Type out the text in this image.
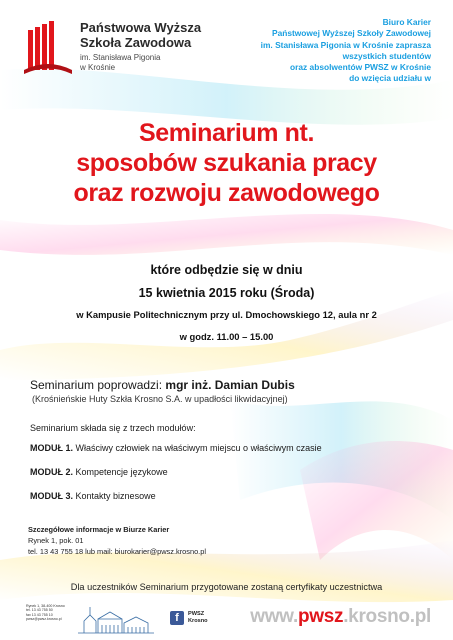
Państwowa Wyższa
Szkoła Zawodowa
im. Stanisława Pigonia
w Krośnie
Biuro Karier
Państwowej Wyższej Szkoły Zawodowej
im. Stanisława Pigonia w Krośnie zaprasza
wszystkich studentów
oraz absolwentów PWSZ w Krośnie
do wzięcia udziału w
Seminarium nt.
sposobów szukania pracy
oraz rozwoju zawodowego
które odbędzie się w dniu
15 kwietnia 2015 roku (Środa)
w Kampusie Politechnicznym przy ul. Dmochowskiego 12, aula nr 2
w godz. 11.00 – 15.00
Seminarium poprowadzi: mgr inż. Damian Dubis
(Krośnieńskie Huty Szkła Krosno S.A. w upadłości likwidacyjnej)
Seminarium składa się z trzech modułów:
MODUŁ 1. Właściwy człowiek na właściwym miejscu o właściwym czasie
MODUŁ 2. Kompetencje językowe
MODUŁ 3. Kontakty biznesowe
Szczegółowe informacje w Biurze Karier
Rynek 1, pok. 01
tel. 13 43 755 18 lub mail: biurokarier@pwsz.krosno.pl
Dla uczestników Seminarium przygotowane zostaną certyfikaty uczestnictwa
Rynek 1, 38-400 Krosno
tel. 13 43 755 50
fax 13 43 755 10
pwsz@pwsz.krosno.pl	f	PWSZ
Krosno	www.pwsz.krosno.pl
